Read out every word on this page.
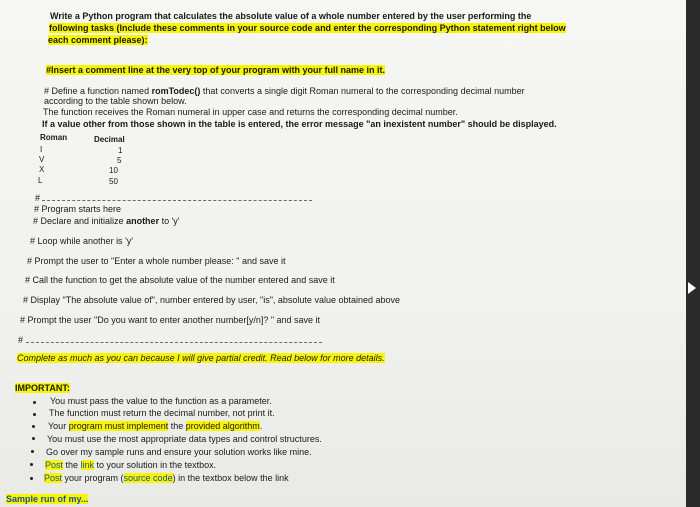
Write a Python program that calculates the absolute value of a whole number entered by the user performing the
following tasks (Include these comments in your source code and enter the corresponding Python statement right below
each comment please):
#Insert a comment line at the very top of your program with your full name in it.
# Define a function named romTodec() that converts a single digit Roman numeral to the corresponding decimal number
according to the table shown below.
The function receives the Roman numeral in upper case and returns the corresponding decimal number.
If a value other from those shown in the table is entered, the error message "an inexistent number" should be displayed.
Roman	Decimal
I	1
V	5
X	10
L	50
#
# Program starts here
# Declare and initialize another to 'y'
# Loop while another is 'y'
# Prompt the user to "Enter a whole number please: " and save it
# Call the function to get the absolute value of the number entered and save it
# Display "The absolute value of", number entered by user, "is", absolute value obtained above
# Prompt the user "Do you want to enter another number[y/n]? " and save it
#
Complete as much as you can because I will give partial credit. Read below for more details.
IMPORTANT:
You must pass the value to the function as a parameter.
The function must return the decimal number, not print it.
Your program must implement the provided algorithm.
You must use the most appropriate data types and control structures.
Go over my sample runs and ensure your solution works like mine.
Post the link to your solution in the textbox.
Post your program (source code) in the textbox below the link
Sample run of my...
